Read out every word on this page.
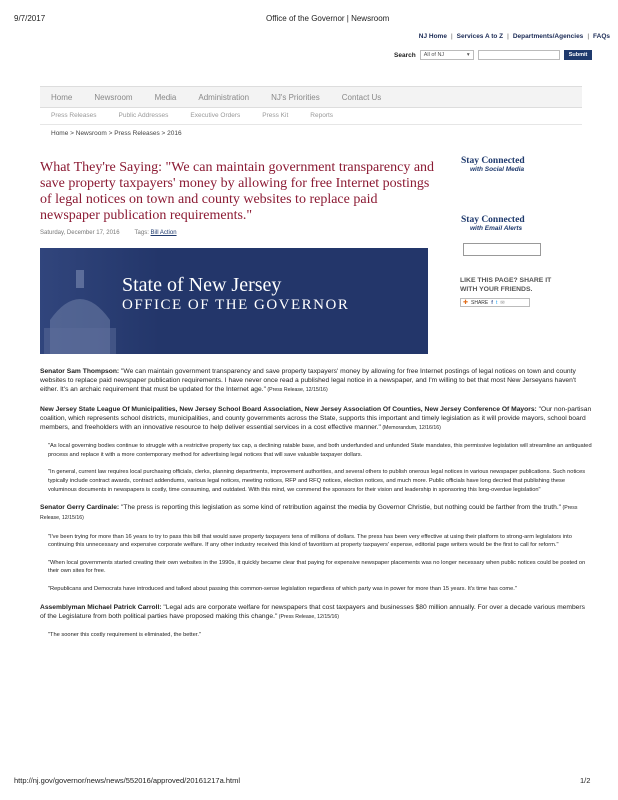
9/7/2017	Office of the Governor | Newsroom
NJ Home | Services A to Z | Departments/Agencies | FAQs
Search All of NJ	▾	Submit
Home	Newsroom	Media	Administration	NJ's Priorities	Contact Us
Press Releases	Public Addresses	Executive Orders	Press Kit	Reports
Home > Newsroom > Press Releases > 2016
What They're Saying: "We can maintain government transparency and save property taxpayers' money by allowing for free Internet postings of legal notices on town and county websites to replace paid newspaper publication requirements."
Saturday, December 17, 2016 Tags: Bill Action
State of New Jersey
OFFICE OF THE GOVERNOR

Senator Sam Thompson: "We can maintain government transparency and save property taxpayers' money by allowing for free Internet postings of legal notices on town and county websites to replace paid newspaper publication requirements. I have never once read a published legal notice in a newspaper, and I'm willing to bet that most New Jerseyans haven't either. It's an archaic requirement that must be updated for the Internet age." (Press Release, 12/15/16)

New Jersey State League Of Municipalities, New Jersey School Board Association, New Jersey Association Of Counties, New Jersey Conference Of Mayors: "Our non-partisan coalition, which represents school districts, municipalities, and county governments across the State, supports this important and timely legislation as it will provide mayors, school board members, and freeholders with an innovative resource to help deliver essential services in a cost effective manner." (Memorandum, 12/16/16)

"As local governing bodies continue to struggle with a restrictive property tax cap, a declining ratable base, and both underfunded and unfunded State mandates, this permissive legislation will streamline an antiquated process and replace it with a more contemporary method for advertising legal notices that will save valuable taxpayer dollars.

"In general, current law requires local purchasing officials, clerks, planning departments, improvement authorities, and several others to publish onerous legal notices in various newspaper publications. Such notices typically include contract awards, contract addendums, various legal notices, meeting notices, RFP and RFQ notices, election notices, and much more. Public officials have long decried that publishing these voluminous documents in newspapers is costly, time consuming, and outdated. With this mind, we commend the sponsors for their vision and leadership in sponsoring this long-overdue legislation"

Senator Gerry Cardinale: "The press is reporting this legislation as some kind of retribution against the media by Governor Christie, but nothing could be farther from the truth." (Press Release, 12/15/16)

"I've been trying for more than 16 years to try to pass this bill that would save property taxpayers tens of millions of dollars. The press has been very effective at using their platform to strong-arm legislators into continuing this unnecessary and expensive corporate welfare. If any other industry received this kind of favoritism at property taxpayers' expense, editorial page writers would be the first to call for reform."

"When local governments started creating their own websites in the 1990s, it quickly became clear that paying for expensive newspaper placements was no longer necessary when public notices could be posted on their own sites for free.

"Republicans and Democrats have introduced and talked about passing this common-sense legislation regardless of which party was in power for more than 15 years. It's time has come."

Assemblyman Michael Patrick Carroll: "Legal ads are corporate welfare for newspapers that cost taxpayers and businesses $80 million annually. For over a decade various members of the Legislature from both political parties have proposed making this change." (Press Release, 12/15/16)

"The sooner this costly requirement is eliminated, the better."

Stay Connected
with Social Media
Stay Connected
with Email Alerts
LIKE THIS PAGE? SHARE IT
WITH YOUR FRIENDS.
✚ SHARE f t ✉
http://nj.gov/governor/news/news/552016/approved/20161217a.html	1/2
